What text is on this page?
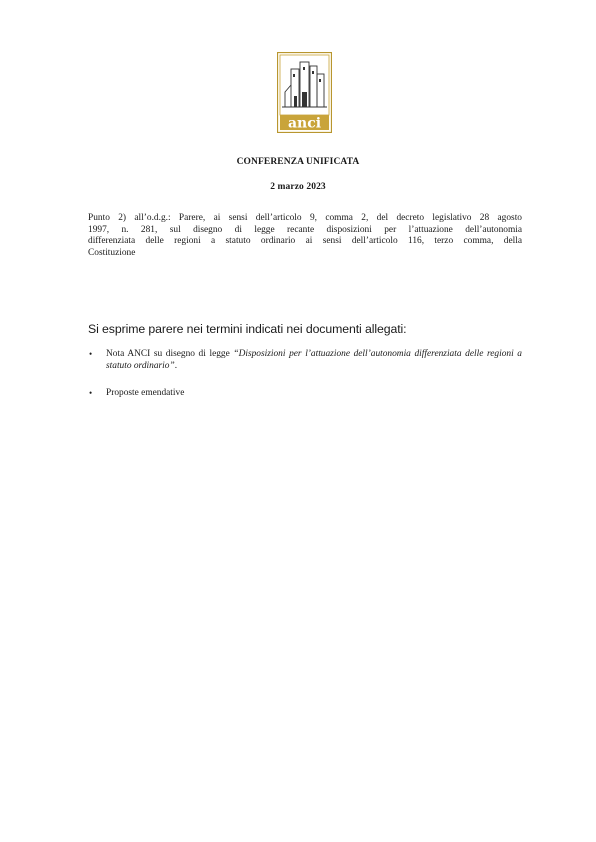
anci
CONFERENZA UNIFICATA
2 marzo 2023
Punto 2) all’o.d.g.: Parere, ai sensi dell’articolo 9, comma 2, del decreto legislativo 28 agosto
1997, n. 281, sul disegno di legge recante disposizioni per l’attuazione dell’autonomia
differenziata delle regioni a statuto ordinario ai sensi dell’articolo 116, terzo comma, della
Costituzione
Si esprime parere nei termini indicati nei documenti allegati:
• Nota ANCI su disegno di legge “Disposizioni per l’attuazione dell’autonomia differenziata delle regioni a statuto ordinario”.
• Proposte emendative
